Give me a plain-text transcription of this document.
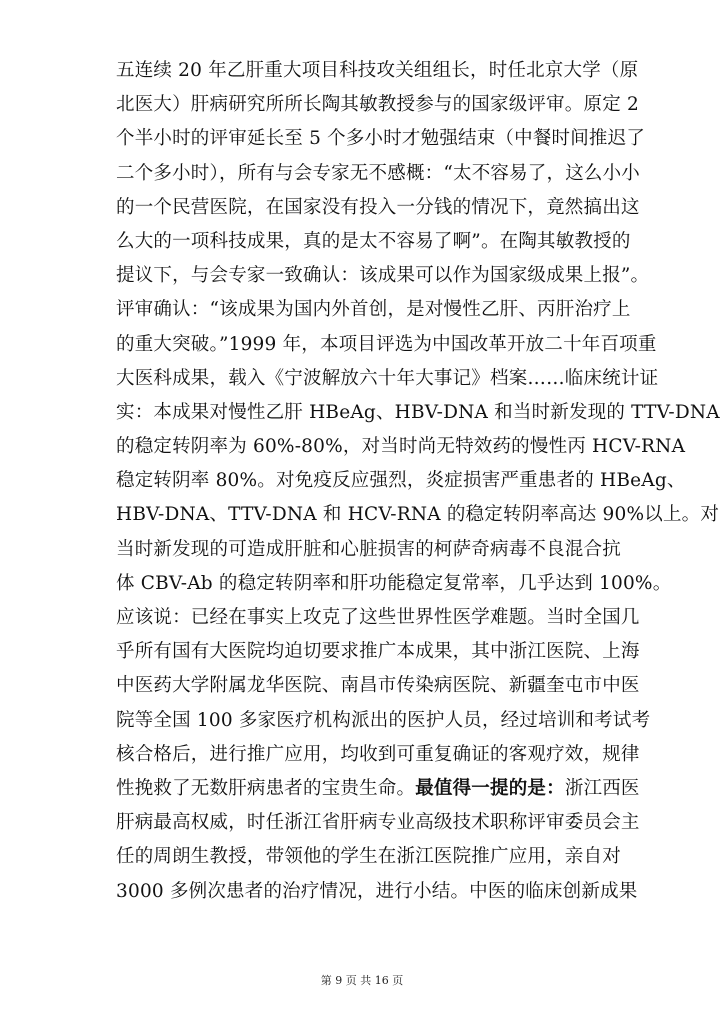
五连续 20 年乙肝重大项目科技攻关组组长，时任北京大学（原
北医大）肝病研究所所长陶其敏教授参与的国家级评审。原定 2
个半小时的评审延长至 5 个多小时才勉强结束（中餐时间推迟了
二个多小时），所有与会专家无不感概：“太不容易了，这么小小
的一个民营医院，在国家没有投入一分钱的情况下，竟然搞出这
么大的一项科技成果，真的是太不容易了啊”。在陶其敏教授的
提议下，与会专家一致确认：该成果可以作为国家级成果上报”。
评审确认：“该成果为国内外首创，是对慢性乙肝、丙肝治疗上
的重大突破。”1999 年，本项目评选为中国改革开放二十年百项重
大医科成果，载入《宁波解放六十年大事记》档案……临床统计证
实：本成果对慢性乙肝 HBeAg、HBV-DNA 和当时新发现的 TTV-DNA
的稳定转阴率为 60%-80%，对当时尚无特效药的慢性丙 HCV-RNA
稳定转阴率 80%。对免疫反应强烈，炎症损害严重患者的 HBeAg、
HBV-DNA、TTV-DNA 和 HCV-RNA 的稳定转阴率高达 90%以上。对
当时新发现的可造成肝脏和心脏损害的柯萨奇病毒不良混合抗
体 CBV-Ab 的稳定转阴率和肝功能稳定复常率，几乎达到 100%。
应该说：已经在事实上攻克了这些世界性医学难题。当时全国几
乎所有国有大医院均迫切要求推广本成果，其中浙江医院、上海
中医药大学附属龙华医院、南昌市传染病医院、新疆奎屯市中医
院等全国 100 多家医疗机构派出的医护人员，经过培训和考试考
核合格后，进行推广应用，均收到可重复确证的客观疗效，规律
性挽救了无数肝病患者的宝贵生命。最值得一提的是：浙江西医
肝病最高权威，时任浙江省肝病专业高级技术职称评审委员会主
任的周朗生教授，带领他的学生在浙江医院推广应用，亲自对
3000 多例次患者的治疗情况，进行小结。中医的临床创新成果
第 9 页 共 16 页
